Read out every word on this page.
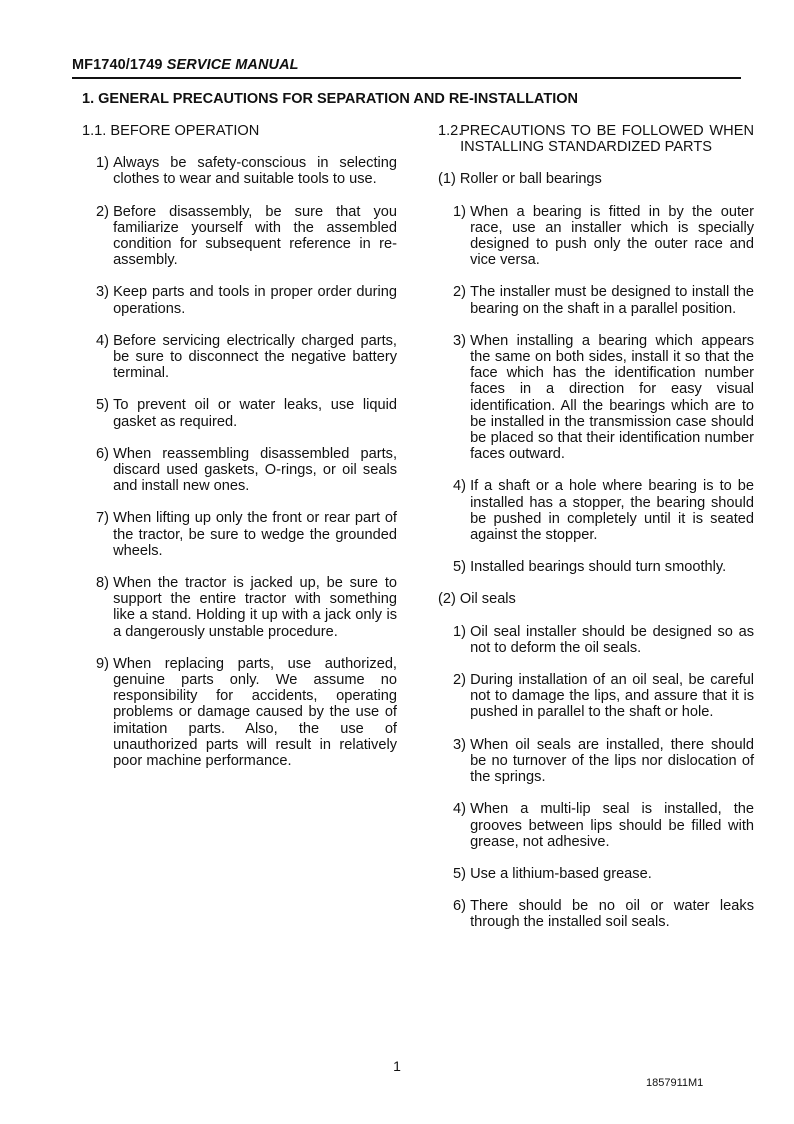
MF1740/1749 SERVICE MANUAL
1. GENERAL PRECAUTIONS FOR SEPARATION AND RE-INSTALLATION
1.1. BEFORE OPERATION
1)
Always be safety-conscious in selecting clothes to wear and suitable tools to use.
2)
Before disassembly, be sure that you familiarize yourself with the assembled condition for subsequent reference in re-assembly.
3)
Keep parts and tools in proper order during operations.
4)
Before servicing electrically charged parts, be sure to disconnect the negative battery terminal.
5)
To prevent oil or water leaks, use liquid gasket as required.
6)
When reassembling disassembled parts, discard used gaskets, O-rings, or oil seals and install new ones.
7)
When lifting up only the front or rear part of the tractor, be sure to wedge the grounded wheels.
8)
When the tractor is jacked up, be sure to support the entire tractor with something like a stand. Holding it up with a jack only is a dangerously unstable procedure.
9)
When replacing parts, use authorized, genuine parts only. We assume no responsibility for accidents, operating problems or damage caused by the use of imitation parts. Also, the use of unauthorized parts will result in relatively poor machine performance.
1.2.

PRECAUTIONS TO BE FOLLOWED WHEN INSTALLING STANDARDIZED PARTS
(1) Roller or ball bearings
1)
When a bearing is fitted in by the outer race, use an installer which is specially designed to push only the outer race and vice versa.
2)
The installer must be designed to install the bearing on the shaft in a parallel position.
3)
When installing a bearing which appears the same on both sides, install it so that the face which has the identification number faces in a direction for easy visual identification. All the bearings which are to be installed in the transmission case should be placed so that their identification number faces outward.
4)
If a shaft or a hole where bearing is to be installed has a stopper, the bearing should be pushed in completely until it is seated against the stopper.
5)
Installed bearings should turn smoothly.
(2) Oil seals
1)
Oil seal installer should be designed so as not to deform the oil seals.
2)
During installation of an oil seal, be careful not to damage the lips, and assure that it is pushed in parallel to the shaft or hole.
3)
When oil seals are installed, there should be no turnover of the lips nor dislocation of the springs.
4)
When a multi-lip seal is installed, the grooves between lips should be filled with grease, not adhesive.
5)
Use a lithium-based grease.
6)
There should be no oil or water leaks through the installed soil seals.
1
1857911M1
